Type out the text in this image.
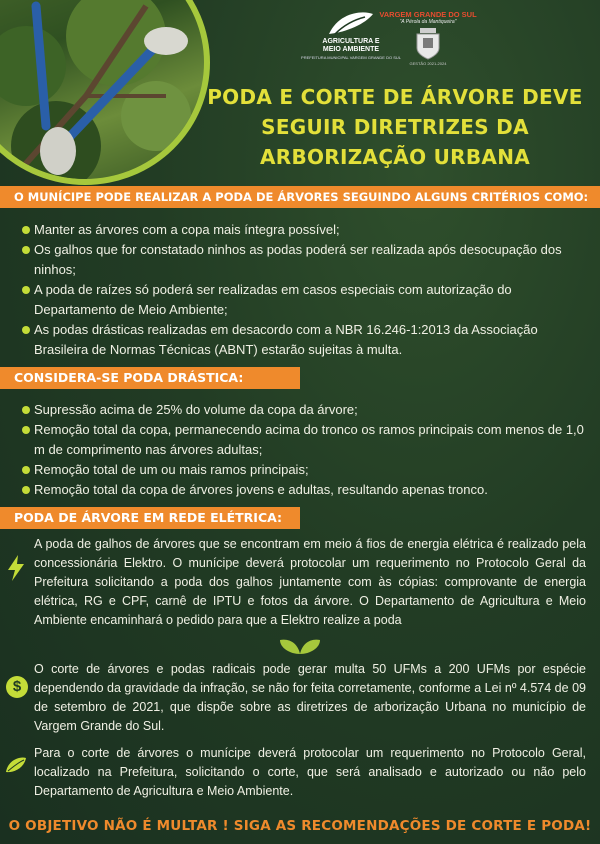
AGRICULTURA E
MEIO AMBIENTE
PREFEITURA MUNICIPAL VARGEM GRANDE DO SUL
VARGEM GRANDE DO SUL
“A Pérola da Mantiqueira”
GESTÃO 2021-2024
PODA E CORTE DE ÁRVORE DEVE
SEGUIR DIRETRIZES DA
ARBORIZAÇÃO URBANA
O MUNÍCIPE PODE REALIZAR A PODA DE ÁRVORES SEGUINDO ALGUNS CRITÉRIOS COMO:
Manter as árvores com a copa mais íntegra possível;
Os galhos que for constatado ninhos as podas poderá ser realizada após desocupação dos ninhos;
A poda de raízes só poderá ser realizadas em casos especiais com autorização do Departamento de Meio Ambiente;
As podas drásticas realizadas em desacordo com a NBR 16.246-1:2013 da Associação Brasileira de Normas Técnicas (ABNT) estarão sujeitas à multa.
CONSIDERA-SE PODA DRÁSTICA:
Supressão acima de 25% do volume da copa da árvore;
Remoção total da copa, permanecendo acima do tronco os ramos principais com menos de 1,0 m de comprimento nas árvores adultas;
Remoção total de um ou mais ramos principais;
Remoção total da copa de árvores jovens e adultas, resultando apenas tronco.
PODA DE ÁRVORE EM REDE ELÉTRICA:

A poda de galhos de árvores que se encontram em meio á fios de energia elétrica é realizado pela concessionária Elektro. O munícipe deverá protocolar um requerimento no Protocolo Geral da Prefeitura solicitando a poda dos galhos juntamente com às cópias: comprovante de energia elétrica, RG e CPF, carnê de IPTU e fotos da árvore. O Departamento de Agricultura e Meio Ambiente encaminhará o pedido para que a Elektro realize a poda

$

O corte de árvores e podas radicais pode gerar multa 50 UFMs a 200 UFMs por espécie dependendo da gravidade da infração, se não for feita corretamente, conforme a Lei nº 4.574 de 09 de setembro de 2021, que dispõe sobre as diretrizes de arborização Urbana no município de Vargem Grande do Sul.

Para o corte de árvores o munícipe deverá protocolar um requerimento no Protocolo Geral, localizado na Prefeitura, solicitando o corte, que será analisado e autorizado ou não pelo Departamento de Agricultura e Meio Ambiente.

O OBJETIVO NÃO É MULTAR ! SIGA AS RECOMENDAÇÕES DE CORTE E PODA!
